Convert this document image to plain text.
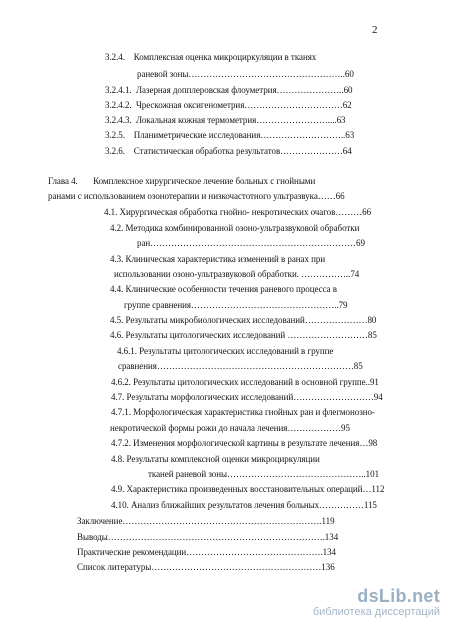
2
3.2.4.    Комплексная оценка микроциркуляции в тканях
раневой зоны……………………………………………..60
3.2.4.1.  Лазерная допплеровская флоуметрия…………………..60
3.2.4.2.  Чрескожная оксигенометрия……………………………62
3.2.4.3.  Локальная кожная термометрия……………………....63
3.2.5.    Планиметрические исследования………………………..63
3.2.6.    Статистическая обработка результатов…………………64
Глава 4.       Комплексное хирургическое лечение больных с гнойными
ранами с использованием озонотерапии и низкочастотного ультразвука……66
4.1. Хирургическая обработка гнойно- некротических очагов………66
4.2. Методика комбинированной озоно-ультразвуковой обработки
ран……………………………………………………………69
4.3. Клиническая характеристика изменений в ранах при
использовании озоно-ультразвуковой обработки. ……………..74
4.4. Клинические особенности течения раневого процесса в
группе сравнения…………………………………………..79
4.5. Результаты микробиологических исследований…………………80
4.6. Результаты цитологических исследований ………………………85
4.6.1. Результаты цитологических исследований в группе
сравнения…………………………………………………………85
4.6.2. Результаты цитологических исследований в основной группе..91
4.7. Результаты морфологических исследований………………………94
4.7.1. Морфологическая характеристика гнойных ран и флегмонозно-
некротической формы рожи до начала лечения………………95
4.7.2. Изменения морфологической картины в результате лечения…98
4.8. Результаты комплексной оценки микроциркуляции
тканей раневой зоны………………………………………..101
4.9. Характеристика произведенных восстановительных операций…112
4.10. Анализ ближайших результатов лечения больных……………115
Заключение………………………………………………………….119
Выводы……………………………………………………………….134
Практические рекомендации……………………………………….134
Список литературы…………………………………………………136
dsLib.net
библиотека диссертаций
